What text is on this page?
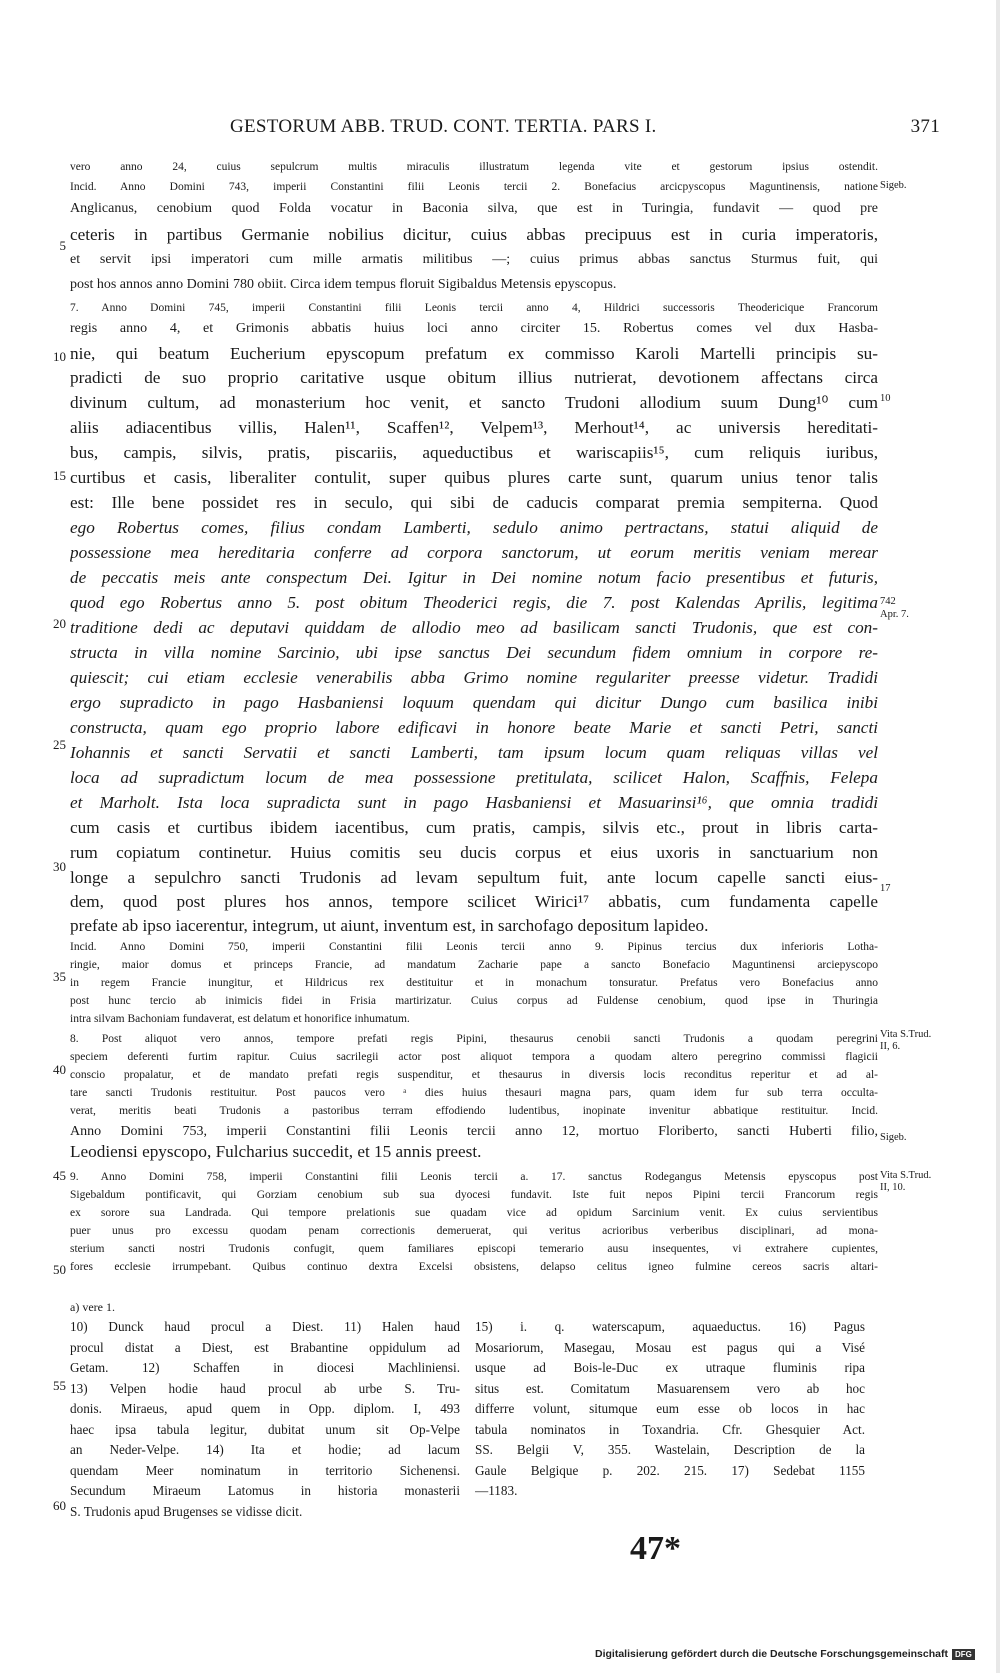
GESTORUM ABB. TRUD. CONT. TERTIA. PARS I.	371
vero anno 24, cuius sepulcrum multis miraculis illustratum legenda vite et gestorum ipsius ostendit.
Incid. Anno Domini 743, imperii Constantini filii Leonis tercii 2. Bonefacius arcicpyscopus Maguntinensis, natione
Anglicanus, cenobium quod Folda vocatur in Baconia silva, que est in Turingia, fundavit — quod pre
ceteris in partibus Germanie nobilius dicitur, cuius abbas precipuus est in curia imperatoris,
et servit ipsi imperatori cum mille armatis militibus —; cuius primus abbas sanctus Sturmus fuit, qui
post hos annos anno Domini 780 obiit. Circa idem tempus floruit Sigibaldus Metensis epyscopus.
7. Anno Domini 745, imperii Constantini filii Leonis tercii anno 4, Hildrici successoris Theodericique Francorum
regis anno 4, et Grimonis abbatis huius loci anno circiter 15. Robertus comes vel dux Hasba-
nie, qui beatum Eucherium epyscopum prefatum ex commisso Karoli Martelli principis su-
pradicti de suo proprio caritative usque obitum illius nutrierat, devotionem affectans circa
divinum cultum, ad monasterium hoc venit, et sancto Trudoni allodium suum Dung¹⁰ cum
aliis adiacentibus villis, Halen¹¹, Scaffen¹², Velpem¹³, Merhout¹⁴, ac universis hereditati-
bus, campis, silvis, pratis, piscariis, aqueductibus et wariscapiis¹⁵, cum reliquis iuribus,
curtibus et casis, liberaliter contulit, super quibus plures carte sunt, quarum unius tenor talis
est: Ille bene possidet res in seculo, qui sibi de caducis comparat premia sempiterna. Quod
ego Robertus comes, filius condam Lamberti, sedulo animo pertractans, statui aliquid de
possessione mea hereditaria conferre ad corpora sanctorum, ut eorum meritis veniam merear
de peccatis meis ante conspectum Dei. Igitur in Dei nomine notum facio presentibus et futuris,
quod ego Robertus anno 5. post obitum Theoderici regis, die 7. post Kalendas Aprilis, legitima
traditione dedi ac deputavi quiddam de allodio meo ad basilicam sancti Trudonis, que est con-
structa in villa nomine Sarcinio, ubi ipse sanctus Dei secundum fidem omnium in corpore re-
quiescit; cui etiam ecclesie venerabilis abba Grimo nomine regulariter preesse videtur. Tradidi
ergo supradicto in pago Hasbaniensi loquum quendam qui dicitur Dungo cum basilica inibi
constructa, quam ego proprio labore edificavi in honore beate Marie et sancti Petri, sancti
Iohannis et sancti Servatii et sancti Lamberti, tam ipsum locum quam reliquas villas vel
loca ad supradictum locum de mea possessione pretitulata, scilicet Halon, Scaffnis, Felepa
et Marholt. Ista loca supradicta sunt in pago Hasbaniensi et Masuarinsi¹⁶, que omnia tradidi
cum casis et curtibus ibidem iacentibus, cum pratis, campis, silvis etc., prout in libris carta-
rum copiatum continetur. Huius comitis seu ducis corpus et eius uxoris in sanctuarium non
longe a sepulchro sancti Trudonis ad levam sepultum fuit, ante locum capelle sancti eius-
dem, quod post plures hos annos, tempore scilicet Wirici¹⁷ abbatis, cum fundamenta capelle
prefate ab ipso iacerentur, integrum, ut aiunt, inventum est, in sarchofago depositum lapideo.
Incid. Anno Domini 750, imperii Constantini filii Leonis tercii anno 9. Pipinus tercius dux inferioris Lotha-
ringie, maior domus et princeps Francie, ad mandatum Zacharie pape a sancto Bonefacio Maguntinensi arciepyscopo
in regem Francie inungitur, et Hildricus rex destituitur et in monachum tonsuratur. Prefatus vero Bonefacius anno
post hunc tercio ab inimicis fidei in Frisia martirizatur. Cuius corpus ad Fuldense cenobium, quod ipse in Thuringia
intra silvam Bachoniam fundaverat, est delatum et honorifice inhumatum.
8. Post aliquot vero annos, tempore prefati regis Pipini, thesaurus cenobii sancti Trudonis a quodam peregrini
speciem deferenti furtim rapitur. Cuius sacrilegii actor post aliquot tempora a quodam altero peregrino commissi flagicii
conscio propalatur, et de mandato prefati regis suspenditur, et thesaurus in diversis locis reconditus reperitur et ad al-
tare sancti Trudonis restituitur. Post paucos vero ᵃ dies huius thesauri magna pars, quam idem fur sub terra occulta-
verat, meritis beati Trudonis a pastoribus terram effodiendo ludentibus, inopinate invenitur abbatique restituitur. Incid.
Anno Domini 753, imperii Constantini filii Leonis tercii anno 12, mortuo Floriberto, sancti Huberti filio,
Leodiensi epyscopo, Fulcharius succedit, et 15 annis preest.
9. Anno Domini 758, imperii Constantini filii Leonis tercii a. 17. sanctus Rodegangus Metensis epyscopus post
Sigebaldum pontificavit, qui Gorziam cenobium sub sua dyocesi fundavit. Iste fuit nepos Pipini tercii Francorum regis
ex sorore sua Landrada. Qui tempore prelationis sue quadam vice ad opidum Sarcinium venit. Ex cuius servientibus
puer unus pro excessu quodam penam correctionis demeruerat, qui veritus acrioribus verberibus disciplinari, ad mona-
sterium sancti nostri Trudonis confugit, quem familiares episcopi temerario ausu insequentes, vi extrahere cupientes,
fores ecclesie irrumpebant. Quibus continuo dextra Excelsi obsistens, delapso celitus igneo fulmine cereos sacris altari-
5
10
15
20
25
30
35
40
45
50
55
60
Sigeb.
10
742
Apr. 7.
17
Vita S.Trud. II, 6.
Sigeb.
Vita S.Trud. II, 10.
a) vere 1.
10) Dunck haud procul a Diest. 11) Halen haud
procul distat a Diest, est Brabantine oppidulum ad
Getam. 12) Schaffen in diocesi Machliniensi.
13) Velpen hodie haud procul ab urbe S. Tru-
donis. Miraeus, apud quem in Opp. diplom. I, 493
haec ipsa tabula legitur, dubitat unum sit Op-Velpe
an Neder-Velpe. 14) Ita et hodie; ad lacum
quendam Meer nominatum in territorio Sichenensi.
Secundum Miraeum Latomus in historia monasterii
S. Trudonis apud Brugenses se vidisse dicit.
15) i. q. waterscapum, aquaeductus. 16) Pagus
Mosariorum, Masegau, Mosau est pagus qui a Visé
usque ad Bois-le-Duc ex utraque fluminis ripa
situs est. Comitatum Masuarensem vero ab hoc
differre volunt, situmque eum esse ob locos in hac
tabula nominatos in Toxandria. Cfr. Ghesquier Act.
SS. Belgii V, 355. Wastelain, Description de la
Gaule Belgique p. 202. 215. 17) Sedebat 1155
—1183.
47*
Digitalisierung gefördert durch die Deutsche Forschungsgemeinschaft DFG
